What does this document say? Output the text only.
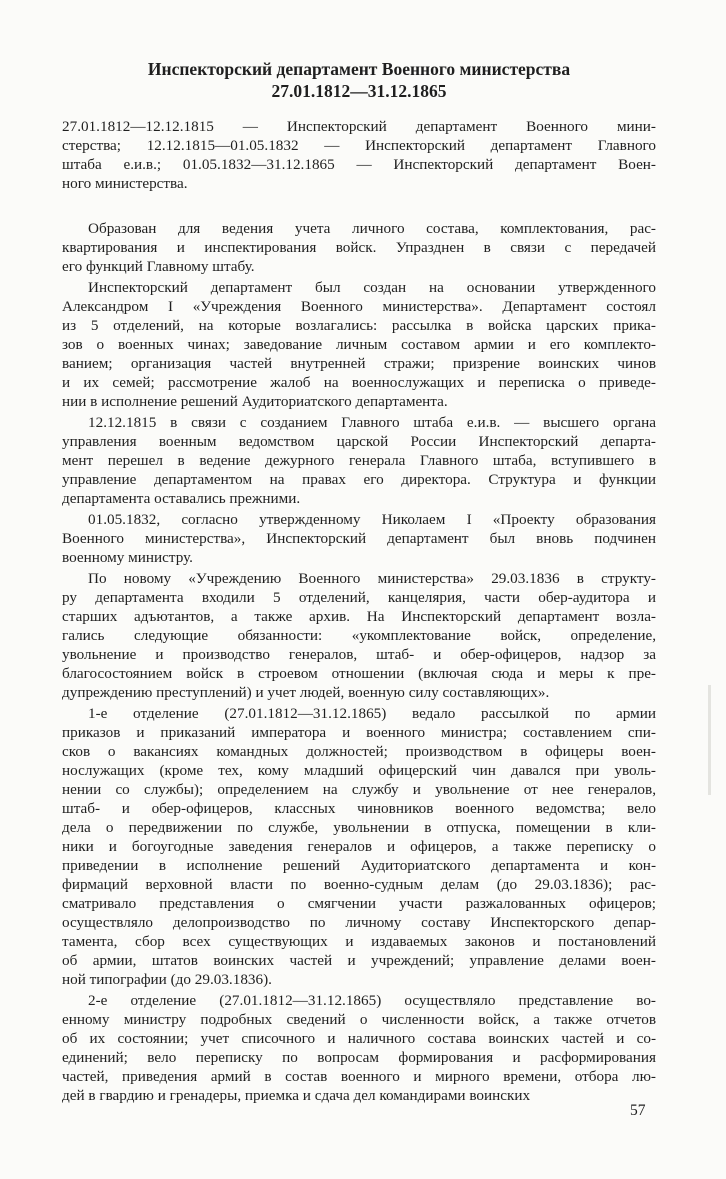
Инспекторский департамент Военного министерства
27.01.1812—31.12.1865
27.01.1812—12.12.1815 — Инспекторский департамент Военного мини-
стерства; 12.12.1815—01.05.1832 — Инспекторский департамент Главного
штаба е.и.в.; 01.05.1832—31.12.1865 — Инспекторский департамент Воен-
ного министерства.
Образован для ведения учета личного состава, комплектования, рас-
квартирования и инспектирования войск. Упразднен в связи с передачей
его функций Главному штабу.
Инспекторский департамент был создан на основании утвержденного
Александром I «Учреждения Военного министерства». Департамент состоял
из 5 отделений, на которые возлагались: рассылка в войска царских прика-
зов о военных чинах; заведование личным составом армии и его комплекто-
ванием; организация частей внутренней стражи; призрение воинских чинов
и их семей; рассмотрение жалоб на военнослужащих и переписка о приведе-
нии в исполнение решений Аудиториатского департамента.
12.12.1815 в связи с созданием Главного штаба е.и.в. — высшего органа
управления военным ведомством царской России Инспекторский департа-
мент перешел в ведение дежурного генерала Главного штаба, вступившего в
управление департаментом на правах его директора. Структура и функции
департамента оставались прежними.
01.05.1832, согласно утвержденному Николаем I «Проекту образования
Военного министерства», Инспекторский департамент был вновь подчинен
военному министру.
По новому «Учреждению Военного министерства» 29.03.1836 в структу-
ру департамента входили 5 отделений, канцелярия, части обер-аудитора и
старших адъютантов, а также архив. На Инспекторский департамент возла-
гались следующие обязанности: «укомплектование войск, определение,
увольнение и производство генералов, штаб- и обер-офицеров, надзор за
благосостоянием войск в строевом отношении (включая сюда и меры к пре-
дупреждению преступлений) и учет людей, военную силу составляющих».
1-е отделение (27.01.1812—31.12.1865) ведало рассылкой по армии
приказов и приказаний императора и военного министра; составлением спи-
сков о вакансиях командных должностей; производством в офицеры воен-
нослужащих (кроме тех, кому младший офицерский чин давался при уволь-
нении со службы); определением на службу и увольнение от нее генералов,
штаб- и обер-офицеров, классных чиновников военного ведомства; вело
дела о передвижении по службе, увольнении в отпуска, помещении в кли-
ники и богоугодные заведения генералов и офицеров, а также переписку о
приведении в исполнение решений Аудиториатского департамента и кон-
фирмаций верховной власти по военно-судным делам (до 29.03.1836); рас-
сматривало представления о смягчении участи разжалованных офицеров;
осуществляло делопроизводство по личному составу Инспекторского депар-
тамента, сбор всех существующих и издаваемых законов и постановлений
об армии, штатов воинских частей и учреждений; управление делами воен-
ной типографии (до 29.03.1836).
2-е отделение (27.01.1812—31.12.1865) осуществляло представление во-
енному министру подробных сведений о численности войск, а также отчетов
об их состоянии; учет списочного и наличного состава воинских частей и со-
единений; вело переписку по вопросам формирования и расформирования
частей, приведения армий в состав военного и мирного времени, отбора лю-
дей в гвардию и гренадеры, приемка и сдача дел командирами воинских
57
